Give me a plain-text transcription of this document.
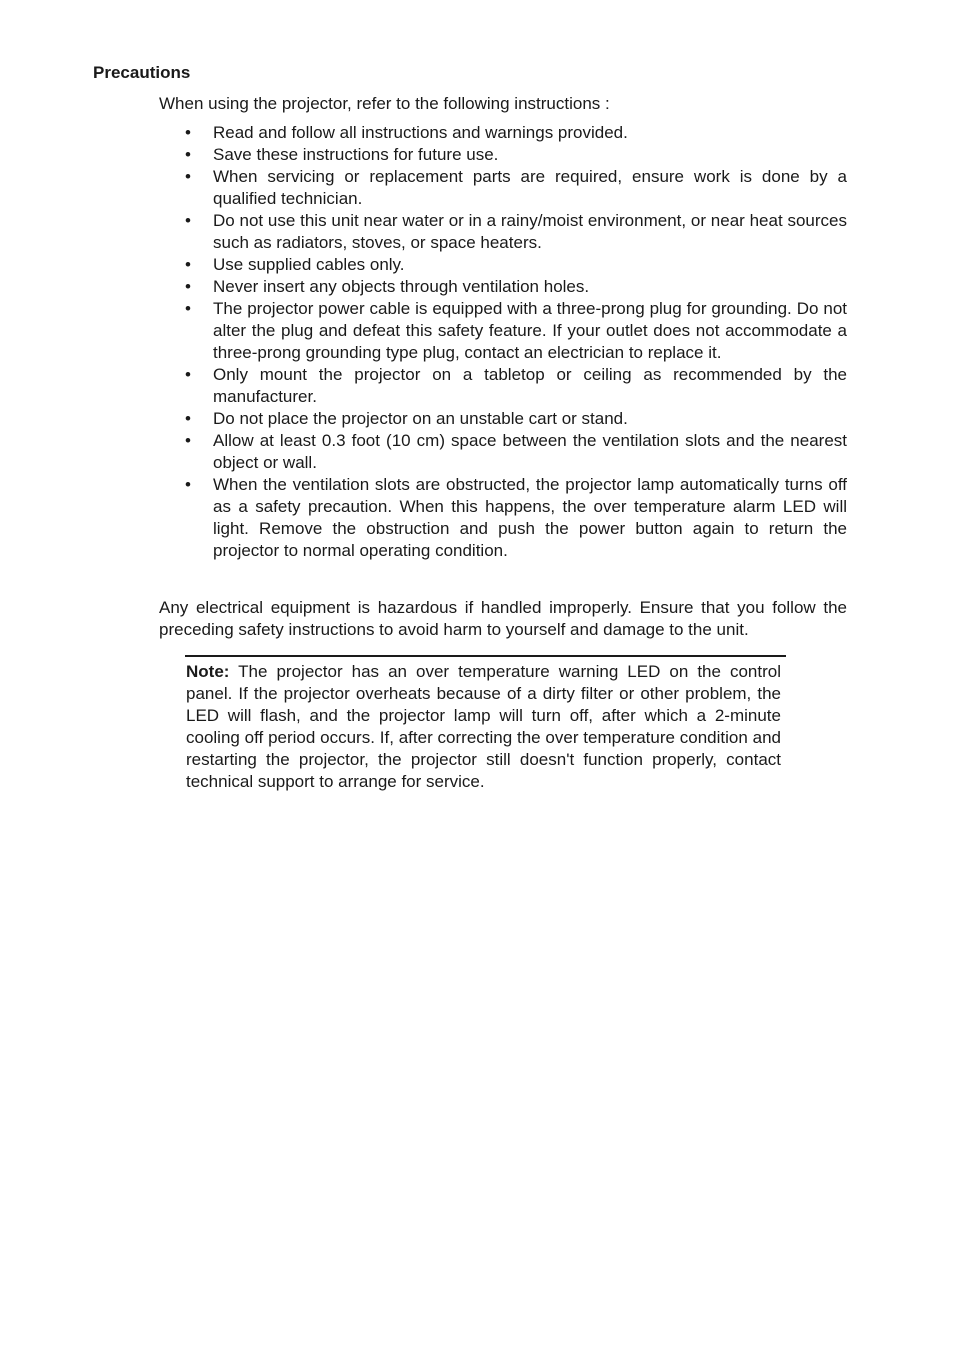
Precautions
When using the projector, refer to the following instructions :
• Read and follow all instructions and warnings provided.
• Save these instructions for future use.
• When servicing or replacement parts are required, ensure work is done by a qualified technician.
• Do not use this unit near water or in a rainy/moist environment, or near heat sources such as radiators, stoves, or space heaters.
• Use supplied cables only.
• Never insert any objects through ventilation holes.
• The projector power cable is equipped with a three-prong plug for grounding. Do not alter the plug and defeat this safety feature. If your outlet does not accommodate a three-prong grounding type plug, contact an electrician to replace it.
• Only mount the projector on a tabletop or ceiling as recommended by the manufacturer.
• Do not place the projector on an unstable cart or stand.
• Allow at least 0.3 foot (10 cm) space between the ventilation slots and the nearest object or wall.
• When the ventilation slots are obstructed, the projector lamp automatically turns off as a safety precaution. When this happens, the over temperature alarm LED will light. Remove the obstruction and push the power button again to return the projector to normal operating condition.
Any electrical equipment is hazardous if handled improperly. Ensure that you follow the preceding safety instructions to avoid harm to yourself and damage to the unit.
Note: The projector has an over temperature warning LED on the control panel. If the projector overheats because of a dirty filter or other problem, the LED will flash, and the projector lamp will turn off, after which a 2-minute cooling off period occurs. If, after correcting the over temperature condition and restarting the projector, the projector still doesn't function properly, contact technical support to arrange for service.
